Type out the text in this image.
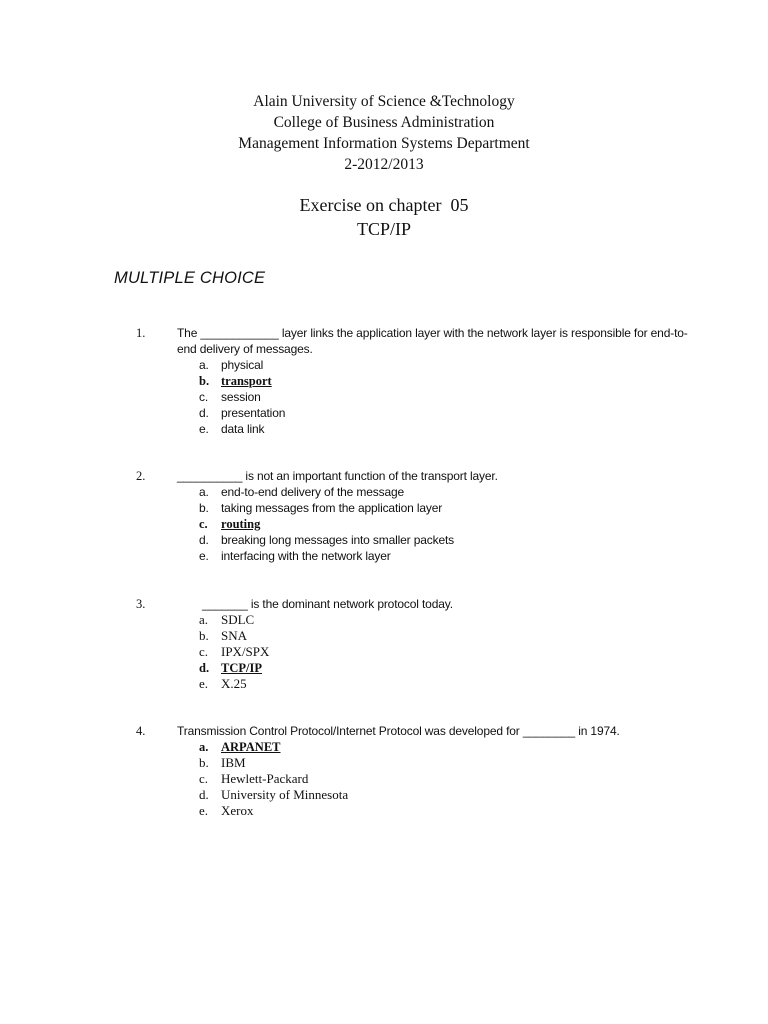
Alain University of Science &Technology
College of Business Administration
Management Information Systems Department
2-2012/2013
Exercise on chapter  05
TCP/IP
MULTIPLE CHOICE
1.	The ____________ layer links the application layer with the network layer is responsible for end-to-end delivery of messages.
a. physical
b. transport
c. session
d. presentation
e. data link
2.	__________ is not an important function of the transport layer.
a. end-to-end delivery of the message
b. taking messages from the application layer
c. routing
d. breaking long messages into smaller packets
e. interfacing with the network layer
3.	_______ is the dominant network protocol today.
a. SDLC
b. SNA
c. IPX/SPX
d. TCP/IP
e. X.25
4.	Transmission Control Protocol/Internet Protocol was developed for ________ in 1974.
a. ARPANET
b. IBM
c. Hewlett-Packard
d. University of Minnesota
e. Xerox
